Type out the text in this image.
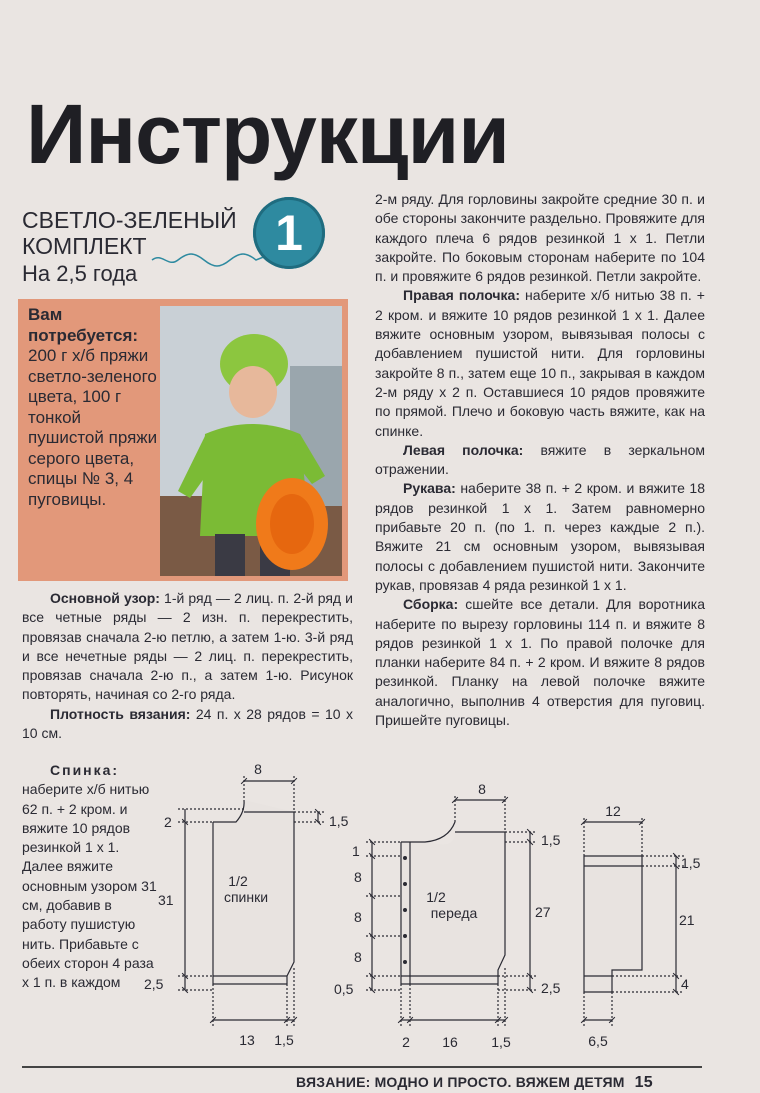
Инструкции
СВЕТЛО-ЗЕЛЕНЫЙ
КОМПЛЕКТ
На 2,5 года
1
Вам потребуется:
200 г х/б пряжи светло-зеленого цвета, 100 г тонкой пушистой пряжи серого цвета, спицы № 3, 4 пуговицы.

Основной узор: 1-й ряд — 2 лиц. п. 2-й ряд и все четные ряды — 2 изн. п. перекрестить, провязав сначала 2-ю петлю, а затем 1-ю. 3-й ряд и все нечетные ряды — 2 лиц. п. перекрестить, провязав сначала 2-ю п., а затем 1-ю. Рисунок повторять, начиная со 2-го ряда.

Плотность вязания: 24 п. х 28 рядов = 10 х 10 см.

Спинка: наберите х/б нитью 62 п. + 2 кром. и вяжите 10 рядов резинкой 1 х 1. Далее вяжите основным узором 31 см, добавив в работу пушистую нить. Прибавьте с обеих сторон 4 раза х 1 п. в каждом

2-м ряду. Для горловины закройте средние 30 п. и обе стороны закончите раздельно. Провяжите для каждого плеча 6 рядов резинкой 1 х 1. Петли закройте. По боковым сторонам наберите по 104 п. и провяжите 6 рядов резинкой. Петли закройте.

Правая полочка: наберите х/б нитью 38 п. + 2 кром. и вяжите 10 рядов резинкой 1 х 1. Далее вяжите основным узором, вывязывая полосы с добавлением пушистой нити. Для горловины закройте 8 п., затем еще 10 п., закрывая в каждом 2-м ряду х 2 п. Оставшиеся 10 рядов провяжите по прямой. Плечо и боковую часть вяжите, как на спинке.

Левая полочка: вяжите в зеркальном отражении.

Рукава: наберите 38 п. + 2 кром. и вяжите 18 рядов резинкой 1 х 1. Затем равномерно прибавьте 20 п. (по 1. п. через каждые 2 п.). Вяжите 21 см основным узором, вывязывая полосы с добавлением пушистой нити. Закончите рукав, провязав 4 ряда резинкой 1 х 1.

Сборка: сшейте все детали. Для воротника наберите по вырезу горловины 114 п. и вяжите 8 рядов резинкой 1 х 1. По правой полочке для планки наберите 84 п. + 2 кром. И вяжите 8 рядов резинкой. Планку на левой полочке вяжите аналогично, выполнив 4 отверстия для пуговиц. Пришейте пуговицы.

8
2	1,5
31
2,5
13 1,5
1/2
спинки
8
1
8
8
8
0,5
1,5
27
2,5
2 16 1,5
1/2
переда
12
1,5
21
4
6,5
ВЯЗАНИЕ: МОДНО И ПРОСТО. ВЯЖЕМ ДЕТЯМ 15
